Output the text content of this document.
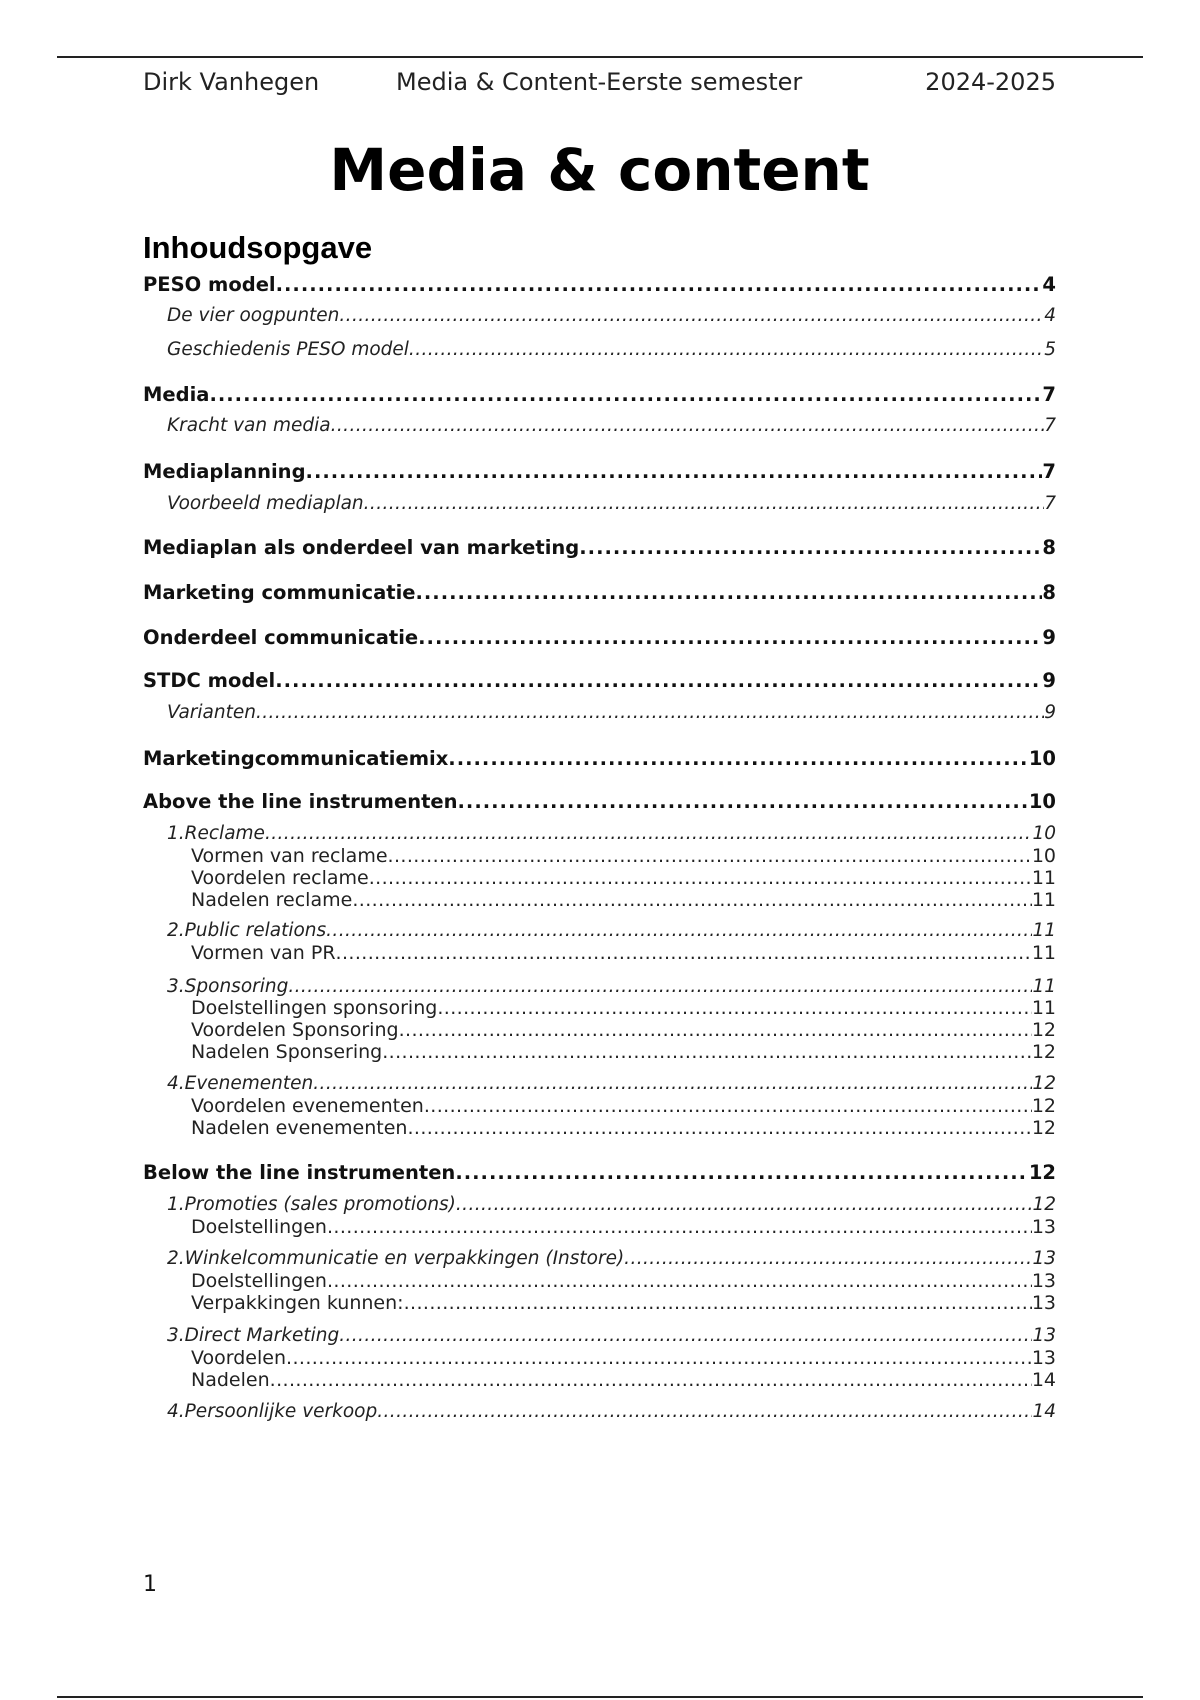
Dirk Vanhegen	Media & Content-Eerste semester	2024-2025
Media & content
Inhoudsopgave
PESO model .....	4
De vier oogpunten .....	4
Geschiedenis PESO model .....	5
Media .....	7
Kracht van media .....	7
Mediaplanning .....	7
Voorbeeld mediaplan .....	7
Mediaplan als onderdeel van marketing .....	8
Marketing communicatie .....	8
Onderdeel communicatie .....	9
STDC model .....	9
Varianten .....	9
Marketingcommunicatiemix .....	10
Above the line instrumenten .....	10
1.Reclame .....	10
Vormen van reclame .....	10
Voordelen reclame .....	11
Nadelen reclame .....	11
2.Public relations .....	11
Vormen van PR .....	11
3.Sponsoring .....	11
Doelstellingen sponsoring .....	11
Voordelen Sponsoring .....	12
Nadelen Sponsering .....	12
4.Evenementen .....	12
Voordelen evenementen .....	12
Nadelen evenementen .....	12
Below the line instrumenten .....	12
1.Promoties (sales promotions) .....	12
Doelstellingen .....	13
2.Winkelcommunicatie en verpakkingen (Instore) .....	13
Doelstellingen .....	13
Verpakkingen kunnen: .....	13
3.Direct Marketing .....	13
Voordelen .....	13
Nadelen .....	14
4.Persoonlijke verkoop .....	14
1
